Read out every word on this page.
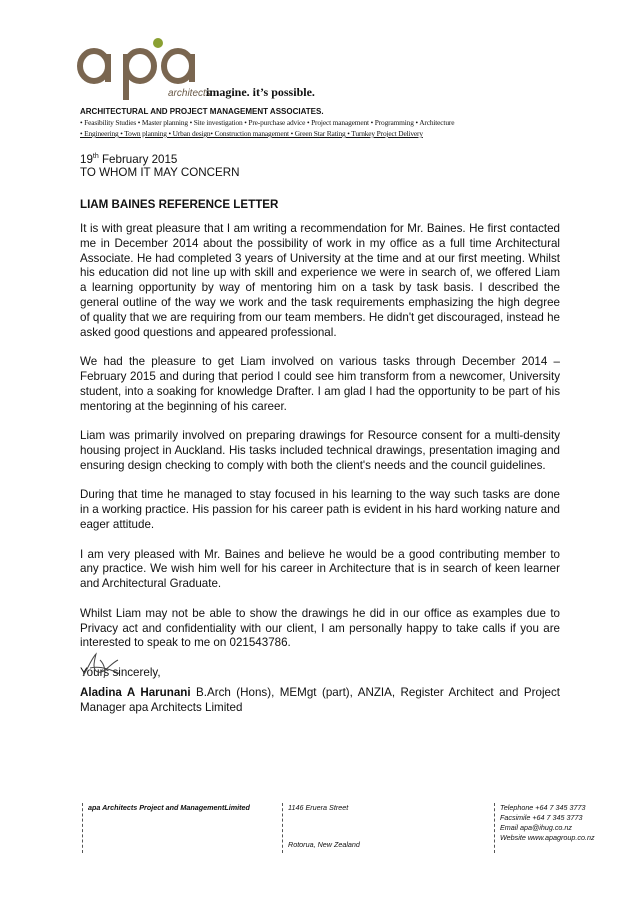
architects
apa
imagine. it’s possible.
ARCHITECTURAL AND PROJECT MANAGEMENT ASSOCIATES.
• Feasibility Studies • Master planning • Site investigation • Pre-purchase advice • Project management • Programming • Architecture
• Engineering • Town planning • Urban design• Construction management • Green Star Rating • Turnkey Project Delivery
19th February 2015
TO WHOM IT MAY CONCERN
LIAM BAINES REFERENCE LETTER

It is with great pleasure that I am writing a recommendation for Mr. Baines. He first contacted me in December 2014 about the possibility of work in my office as a full time Architectural Associate. He had completed 3 years of University at the time and at our first meeting. Whilst his education did not line up with skill and experience we were in search of, we offered Liam a learning opportunity by way of mentoring him on a task by task basis. I described the general outline of the way we work and the task requirements emphasizing the high degree of quality that we are requiring from our team members. He didn't get discouraged, instead he asked good questions and appeared professional.

We had the pleasure to get Liam involved on various tasks through December 2014 – February 2015 and during that period I could see him transform from a newcomer, University student, into a soaking for knowledge Drafter. I am glad I had the opportunity to be part of his mentoring at the beginning of his career.

Liam was primarily involved on preparing drawings for Resource consent for a multi-density housing project in Auckland. His tasks included technical drawings, presentation imaging and ensuring design checking to comply with both the client's needs and the council guidelines.

During that time he managed to stay focused in his learning to the way such tasks are done in a working practice. His passion for his career path is evident in his hard working nature and eager attitude.

I am very pleased with Mr. Baines and believe he would be a good contributing member to any practice. We wish him well for his career in Architecture that is in search of keen learner and Architectural Graduate.

Whilst Liam may not be able to show the drawings he did in our office as examples due to Privacy act and confidentiality with our client, I am personally happy to take calls if you are interested to speak to me on 021543786.

Yours sincerely,

Aladina A Harunani B.Arch (Hons), MEMgt (part), ANZIA, Register Architect and Project Manager apa Architects Limited
apa Architects Project and ManagementLimited	1146 Eruera Street
Rotorua, New Zealand
Telephone +64 7 345 3773
Facsimile +64 7 345 3773
Email apa@ihug.co.nz
Website www.apagroup.co.nz
